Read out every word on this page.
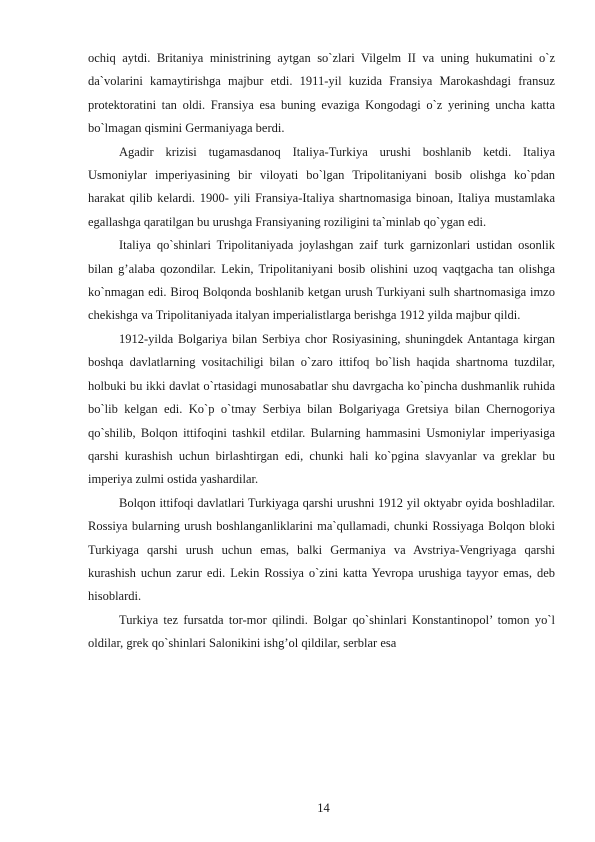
ochiq aytdi. Britaniya ministrining aytgan so`zlari Vilgelm II va uning hukumatini o`z da`volarini kamaytirishga majbur etdi. 1911-yil kuzida Fransiya Marokashdagi fransuz protektoratini tan oldi. Fransiya esa buning evaziga Kongodagi o`z yerining uncha katta bo`lmagan qismini Germaniyaga berdi.

Agadir krizisi tugamasdanoq Italiya-Turkiya urushi boshlanib ketdi. Italiya Usmoniylar imperiyasining bir viloyati bo`lgan Tripolitaniyani bosib olishga ko`pdan harakat qilib kelardi. 1900- yili Fransiya-Italiya shartnomasiga binoan, Italiya mustamlaka egallashga qaratilgan bu urushga Fransiyaning roziligini ta`minlab qo`ygan edi.

Italiya qo`shinlari Tripolitaniyada joylashgan zaif turk garnizonlari ustidan osonlik bilan g’alaba qozondilar. Lekin, Tripolitaniyani bosib olishini uzoq vaqtgacha tan olishga ko`nmagan edi. Biroq Bolqonda boshlanib ketgan urush Turkiyani sulh shartnomasiga imzo chekishga va Tripolitaniyada italyan imperialistlarga berishga 1912 yilda majbur qildi.

1912-yilda Bolgariya bilan Serbiya chor Rosiyasining, shuningdek Antantaga kirgan boshqa davlatlarning vositachiligi bilan o`zaro ittifoq bo`lish haqida shartnoma tuzdilar, holbuki bu ikki davlat o`rtasidagi munosabatlar shu davrgacha ko`pincha dushmanlik ruhida bo`lib kelgan edi. Ko`p o`tmay Serbiya bilan Bolgariyaga Gretsiya bilan Chernogoriya qo`shilib, Bolqon ittifoqini tashkil etdilar. Bularning hammasini Usmoniylar imperiyasiga qarshi kurashish uchun birlashtirgan edi, chunki hali ko`pgina slavyanlar va greklar bu imperiya zulmi ostida yashardilar.

Bolqon ittifoqi davlatlari Turkiyaga qarshi urushni 1912 yil oktyabr oyida boshladilar. Rossiya bularning urush boshlanganliklarini ma`qullamadi, chunki Rossiyaga Bolqon bloki Turkiyaga qarshi urush uchun emas, balki Germaniya va Avstriya-Vengriyaga qarshi kurashish uchun zarur edi. Lekin Rossiya o`zini katta Yevropa urushiga tayyor emas, deb hisoblardi.

Turkiya tez fursatda tor-mor qilindi. Bolgar qo`shinlari Konstantinopol’ tomon yo`l oldilar, grek qo`shinlari Salonikini ishg’ol qildilar, serblar esa

14
